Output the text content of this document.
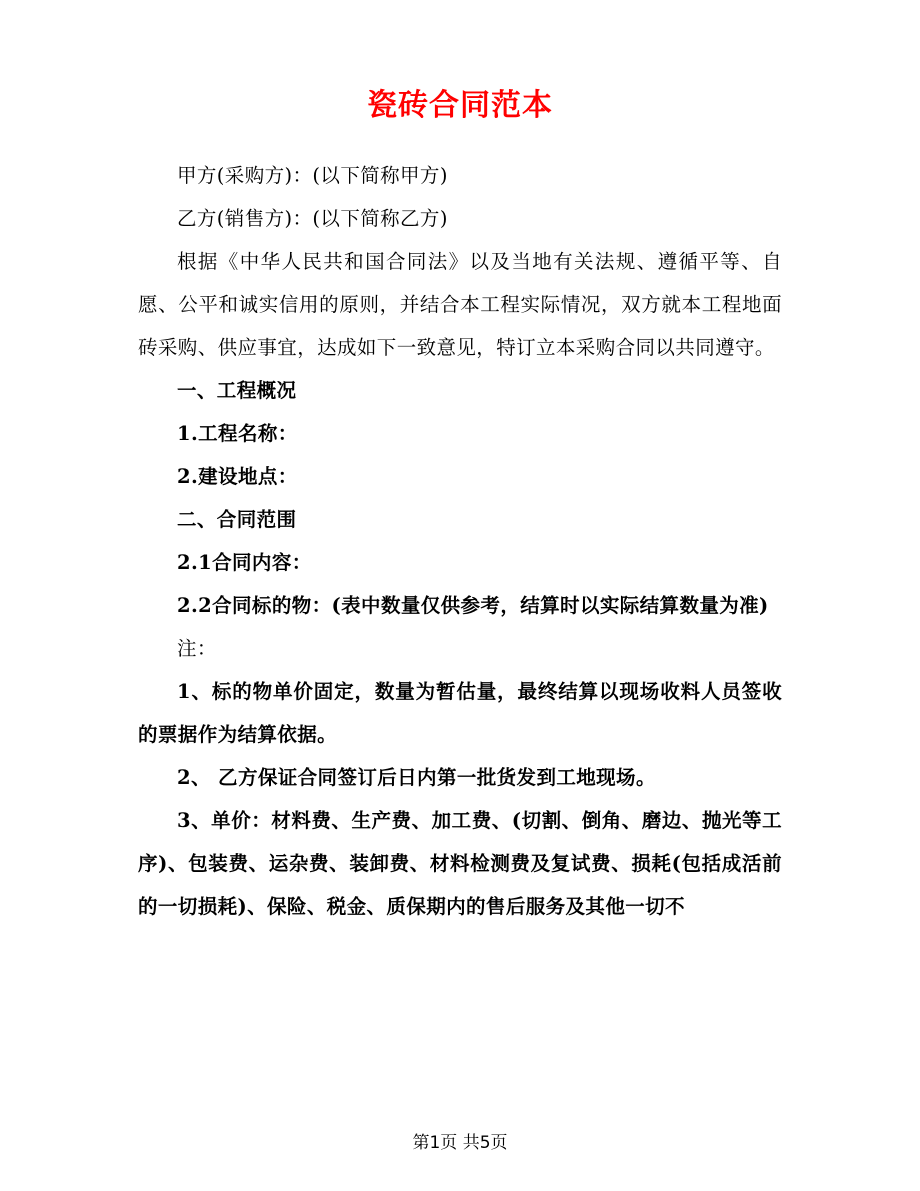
瓷砖合同范本

甲方(采购方)：(以下简称甲方)

乙方(销售方)：(以下简称乙方)

根据《中华人民共和国合同法》以及当地有关法规、遵循平等、自愿、公平和诚实信用的原则，并结合本工程实际情况，双方就本工程地面砖采购、供应事宜，达成如下一致意见，特订立本采购合同以共同遵守。

一、工程概况

1.工程名称：

2.建设地点：

二、合同范围

2.1合同内容：

2.2合同标的物：(表中数量仅供参考，结算时以实际结算数量为准)

注：

1、标的物单价固定，数量为暂估量，最终结算以现场收料人员签收的票据作为结算依据。

2、 乙方保证合同签订后日内第一批货发到工地现场。

3、单价：材料费、生产费、加工费、(切割、倒角、磨边、抛光等工序)、包装费、运杂费、装卸费、材料检测费及复试费、损耗(包括成活前的一切损耗)、保险、税金、质保期内的售后服务及其他一切不

第1页 共5页
